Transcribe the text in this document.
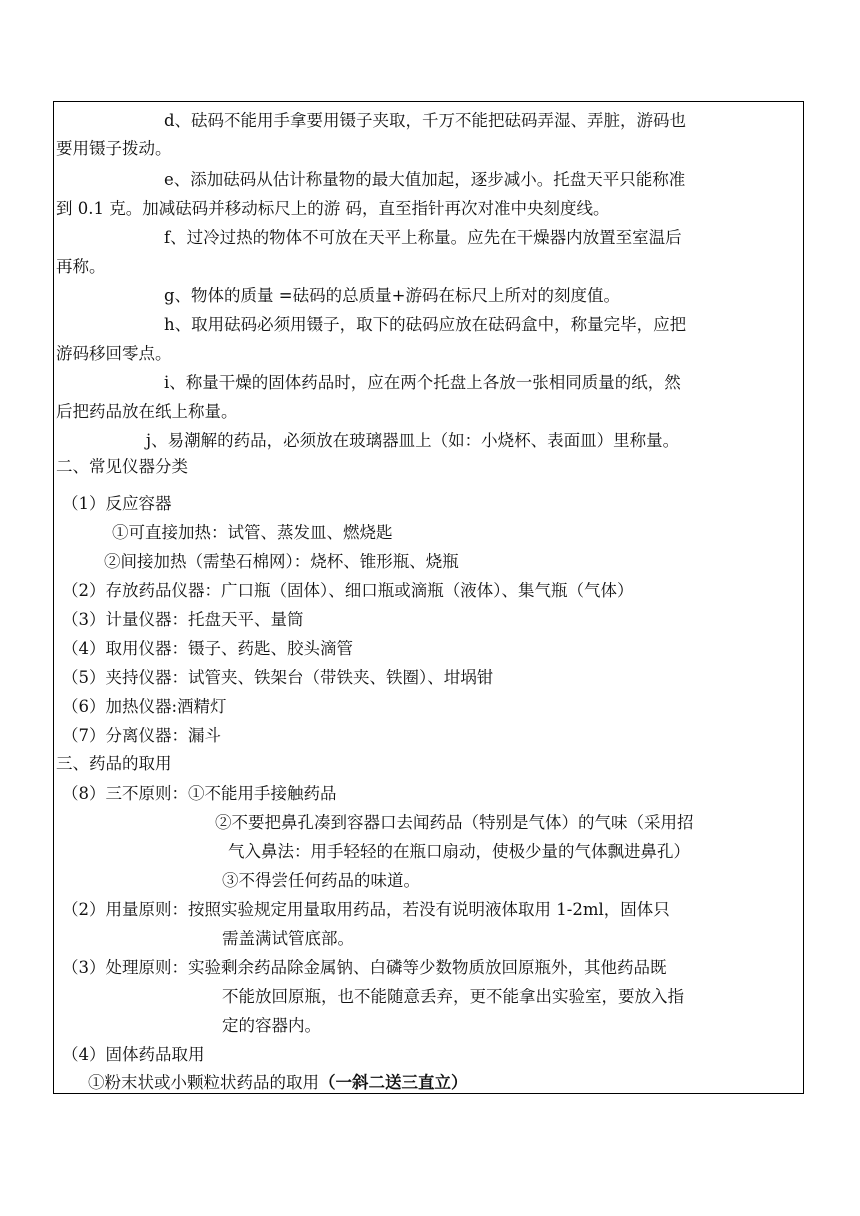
d、砝码不能用手拿要用镊子夹取，千万不能把砝码弄湿、弄脏，游码也
要用镊子拨动。
e、添加砝码从估计称量物的最大值加起，逐步减小。托盘天平只能称准
到 0.1 克。加减砝码并移动标尺上的游 码，直至指针再次对准中央刻度线。
f、过冷过热的物体不可放在天平上称量。应先在干燥器内放置至室温后
再称。
g、物体的质量 =砝码的总质量+游码在标尺上所对的刻度值。
h、取用砝码必须用镊子，取下的砝码应放在砝码盒中，称量完毕，应把
游码移回零点。
i、称量干燥的固体药品时，应在两个托盘上各放一张相同质量的纸，然
后把药品放在纸上称量。
j、易潮解的药品，必须放在玻璃器皿上（如：小烧杯、表面皿）里称量。
二、常见仪器分类
（1）反应容器
①可直接加热：试管、蒸发皿、燃烧匙
②间接加热（需垫石棉网）：烧杯、锥形瓶、烧瓶
（2）存放药品仪器：广口瓶（固体）、细口瓶或滴瓶（液体）、集气瓶（气体）
（3）计量仪器：托盘天平、量筒
（4）取用仪器：镊子、药匙、胶头滴管
（5）夹持仪器：试管夹、铁架台（带铁夹、铁圈）、坩埚钳
（6）加热仪器:酒精灯
（7）分离仪器：漏斗
三、药品的取用
（8）三不原则：①不能用手接触药品
②不要把鼻孔凑到容器口去闻药品（特别是气体）的气味（采用招
气入鼻法：用手轻轻的在瓶口扇动，使极少量的气体飘进鼻孔）
③不得尝任何药品的味道。
（2）用量原则：按照实验规定用量取用药品，若没有说明液体取用 1-2ml，固体只
需盖满试管底部。
（3）处理原则：实验剩余药品除金属钠、白磷等少数物质放回原瓶外，其他药品既
不能放回原瓶，也不能随意丢弃，更不能拿出实验室，要放入指
定的容器内。
（4）固体药品取用
①粉末状或小颗粒状药品的取用（一斜二送三直立）
